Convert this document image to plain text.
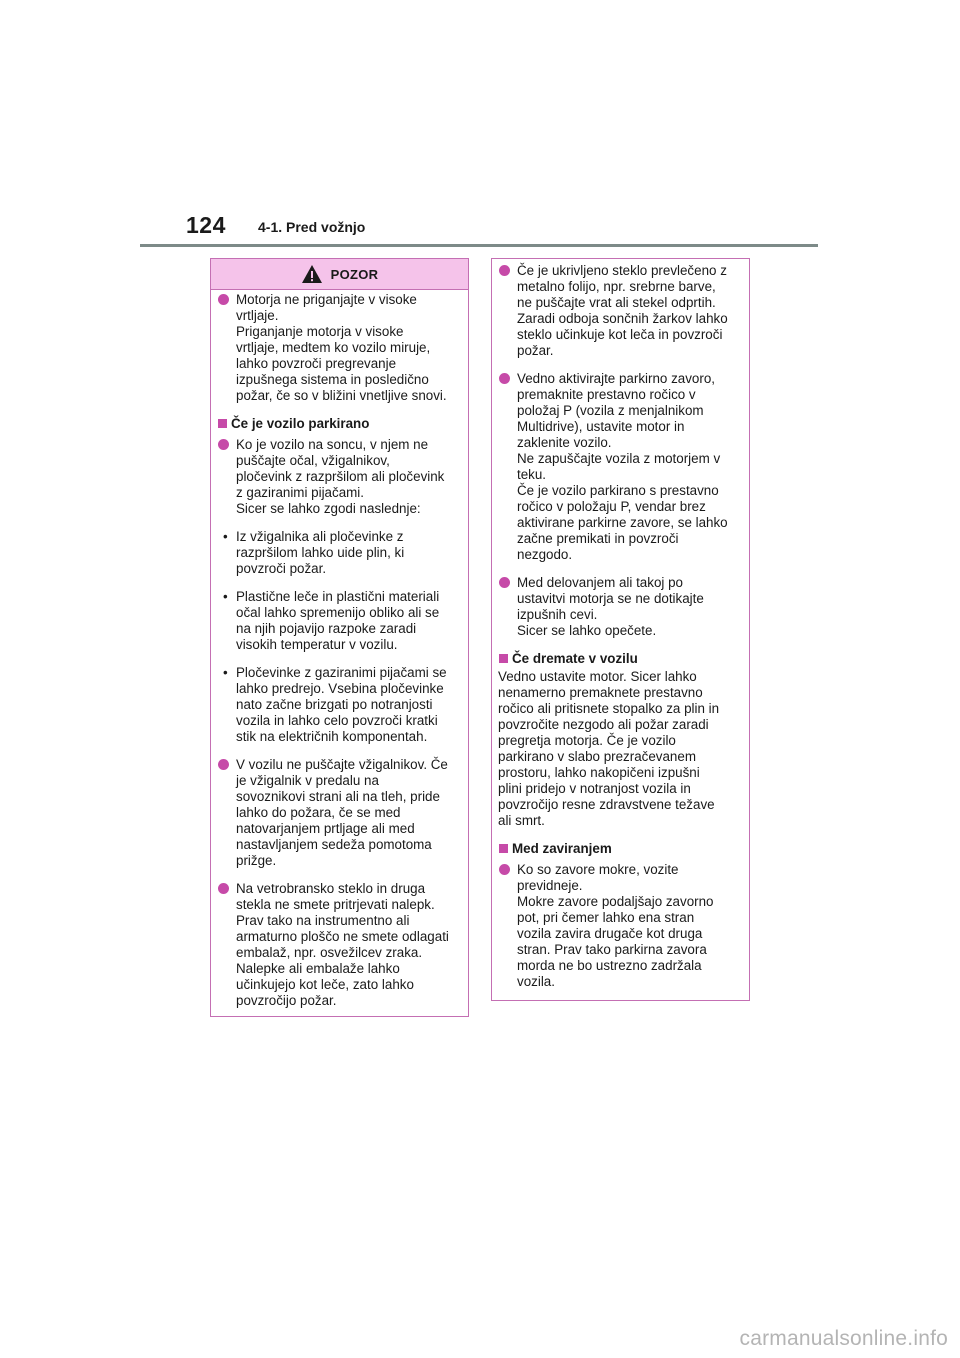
124 4-1. Pred vožnjo
POZOR
Motorja ne priganjajte v visoke
vrtljaje.
Priganjanje motorja v visoke
vrtljaje, medtem ko vozilo miruje,
lahko povzroči pregrevanje
izpušnega sistema in posledično
požar, če so v bližini vnetljive snovi.
Če je vozilo parkirano
Ko je vozilo na soncu, v njem ne
puščajte očal, vžigalnikov,
pločevink z razpršilom ali pločevink
z gaziranimi pijačami.
Sicer se lahko zgodi naslednje:
• Iz vžigalnika ali pločevinke z
razpršilom lahko uide plin, ki
povzroči požar.
• Plastične leče in plastični materiali
očal lahko spremenijo obliko ali se
na njih pojavijo razpoke zaradi
visokih temperatur v vozilu.
• Pločevinke z gaziranimi pijačami se
lahko predrejo. Vsebina pločevinke
nato začne brizgati po notranjosti
vozila in lahko celo povzroči kratki
stik na električnih komponentah.
V vozilu ne puščajte vžigalnikov. Če
je vžigalnik v predalu na
sovoznikovi strani ali na tleh, pride
lahko do požara, če se med
natovarjanjem prtljage ali med
nastavljanjem sedeža pomotoma
prižge.
Na vetrobransko steklo in druga
stekla ne smete pritrjevati nalepk.
Prav tako na instrumentno ali
armaturno ploščo ne smete odlagati
embalaž, npr. osvežilcev zraka.
Nalepke ali embalaže lahko
učinkujejo kot leče, zato lahko
povzročijo požar.
Če je ukrivljeno steklo prevlečeno z
metalno folijo, npr. srebrne barve,
ne puščajte vrat ali stekel odprtih.
Zaradi odboja sončnih žarkov lahko
steklo učinkuje kot leča in povzroči
požar.
Vedno aktivirajte parkirno zavoro,
premaknite prestavno ročico v
položaj P (vozila z menjalnikom
Multidrive), ustavite motor in
zaklenite vozilo.
Ne zapuščajte vozila z motorjem v
teku.
Če je vozilo parkirano s prestavno
ročico v položaju P, vendar brez
aktivirane parkirne zavore, se lahko
začne premikati in povzroči
nezgodo.
Med delovanjem ali takoj po
ustavitvi motorja se ne dotikajte
izpušnih cevi.
Sicer se lahko opečete.
Če dremate v vozilu
Vedno ustavite motor. Sicer lahko
nenamerno premaknete prestavno
ročico ali pritisnete stopalko za plin in
povzročite nezgodo ali požar zaradi
pregretja motorja. Če je vozilo
parkirano v slabo prezračevanem
prostoru, lahko nakopičeni izpušni
plini pridejo v notranjost vozila in
povzročijo resne zdravstvene težave
ali smrt.
Med zaviranjem
Ko so zavore mokre, vozite
previdneje.
Mokre zavore podaljšajo zavorno
pot, pri čemer lahko ena stran
vozila zavira drugače kot druga
stran. Prav tako parkirna zavora
morda ne bo ustrezno zadržala
vozila.
carmanualsonline.info
